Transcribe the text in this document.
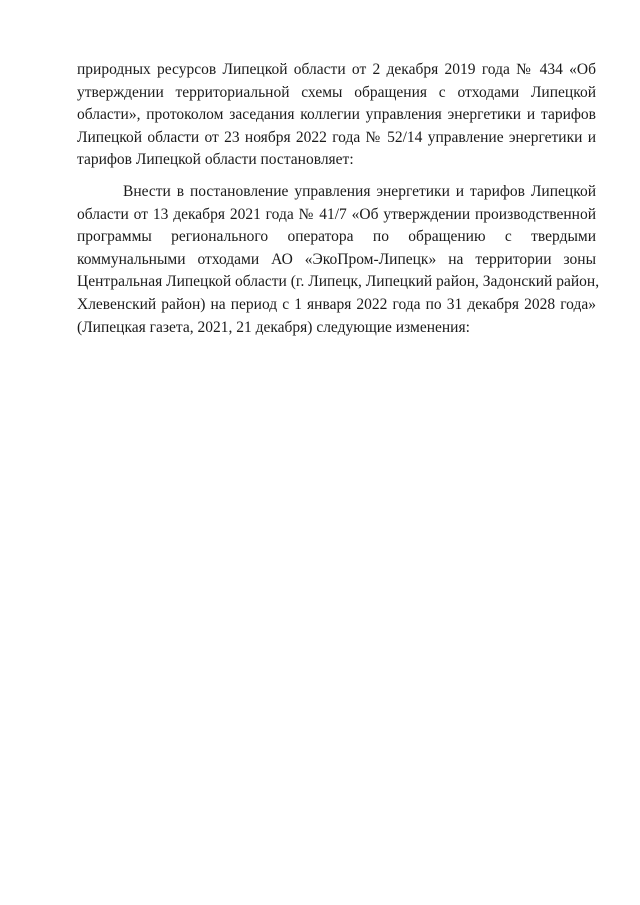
природных ресурсов Липецкой области от 2 декабря 2019 года № 434 «Об
утверждении территориальной схемы обращения с отходами Липецкой
области», протоколом заседания коллегии управления энергетики и тарифов
Липецкой области от 23 ноября 2022 года № 52/14 управление энергетики и
тарифов Липецкой области постановляет:
Внести в постановление управления энергетики и тарифов Липецкой
области от 13 декабря 2021 года № 41/7 «Об утверждении производственной
программы регионального оператора по обращению с твердыми
коммунальными отходами АО «ЭкоПром-Липецк» на территории зоны
Центральная Липецкой области (г. Липецк, Липецкий район, Задонский район,
Хлевенский район) на период с 1 января 2022 года по 31 декабря 2028 года»
(Липецкая газета, 2021, 21 декабря) следующие изменения:
